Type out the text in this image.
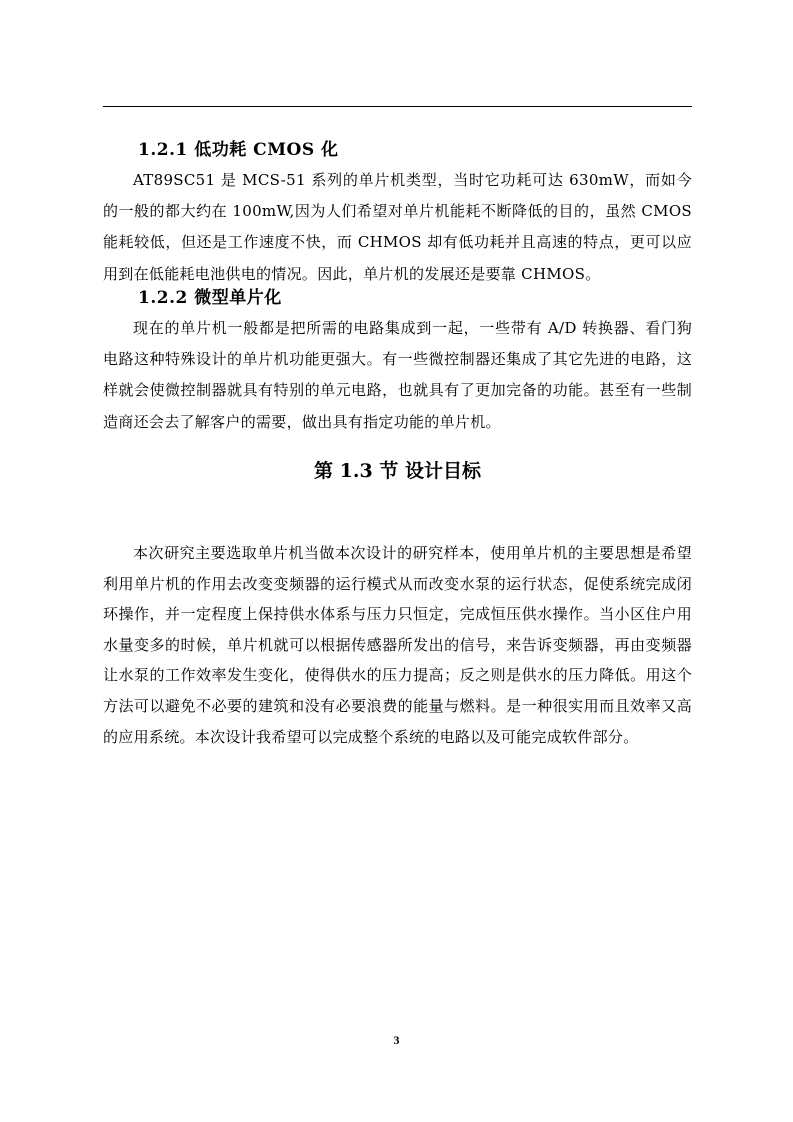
1.2.1 低功耗 CMOS 化

AT89SC51 是 MCS-51 系列的单片机类型，当时它功耗可达 630mW，而如今的一般的都大约在 100mW,因为人们希望对单片机能耗不断降低的目的，虽然 CMOS 能耗较低，但还是工作速度不快，而 CHMOS 却有低功耗并且高速的特点，更可以应用到在低能耗电池供电的情况。因此，单片机的发展还是要靠 CHMOS。

1.2.2 微型单片化

现在的单片机一般都是把所需的电路集成到一起，一些带有 A/D 转换器、看门狗电路这种特殊设计的单片机功能更强大。有一些微控制器还集成了其它先进的电路，这样就会使微控制器就具有特别的单元电路，也就具有了更加完备的功能。甚至有一些制造商还会去了解客户的需要，做出具有指定功能的单片机。

第 1.3 节 设计目标

本次研究主要选取单片机当做本次设计的研究样本，使用单片机的主要思想是希望利用单片机的作用去改变变频器的运行模式从而改变水泵的运行状态，促使系统完成闭环操作，并一定程度上保持供水体系与压力只恒定，完成恒压供水操作。当小区住户用水量变多的时候，单片机就可以根据传感器所发出的信号，来告诉变频器，再由变频器让水泵的工作效率发生变化，使得供水的压力提高；反之则是供水的压力降低。用这个方法可以避免不必要的建筑和没有必要浪费的能量与燃料。是一种很实用而且效率又高的应用系统。本次设计我希望可以完成整个系统的电路以及可能完成软件部分。

3
